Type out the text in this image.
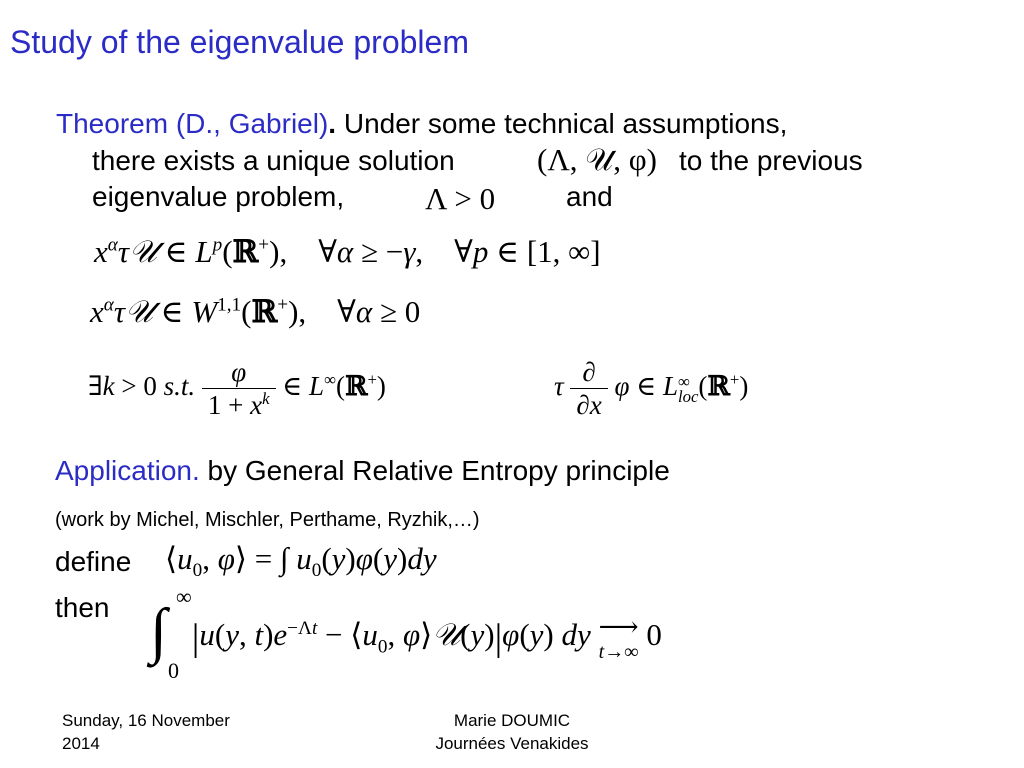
Study of the eigenvalue problem
Theorem (D., Gabriel). Under some technical assumptions,
there exists a unique solution	(Λ, 𝒰, φ) to the previous
eigenvalue problem,	Λ > 0	and
$x^\alpha\tau 𝒰$ ∈ $L^p(ℝ^+)$,    ∀α ≥ −γ,    ∀p ∈ [1, ∞]
$x^\alpha\tau 𝒰$ ∈ W$^{1,1}$(ℝ+),    ∀α ≥ 0
∃k > 0 s.t. $\frac{\varphi}{1 + x^k}$ ∈ L∞(ℝ+)	τ $\frac{\partial}{\partial x}$ φ ∈ L ∞
loc (ℝ+)
Application. by General Relative Entropy principle
(work by Michel, Mischler, Perthame, Ryzhik,…)
define $⟨u_0$, φ⟩ = ∫ $u_0(y)\varphi(y)dy$
then ∫
∞
0
|u(y, $t)e^{-\Lambda t}$ − $⟨u_0$, φ⟩𝒰(y)|φ(y) dy ⟶
t→∞ 0
Sunday, 16 November
2014
Marie DOUMIC
Journées Venakides
